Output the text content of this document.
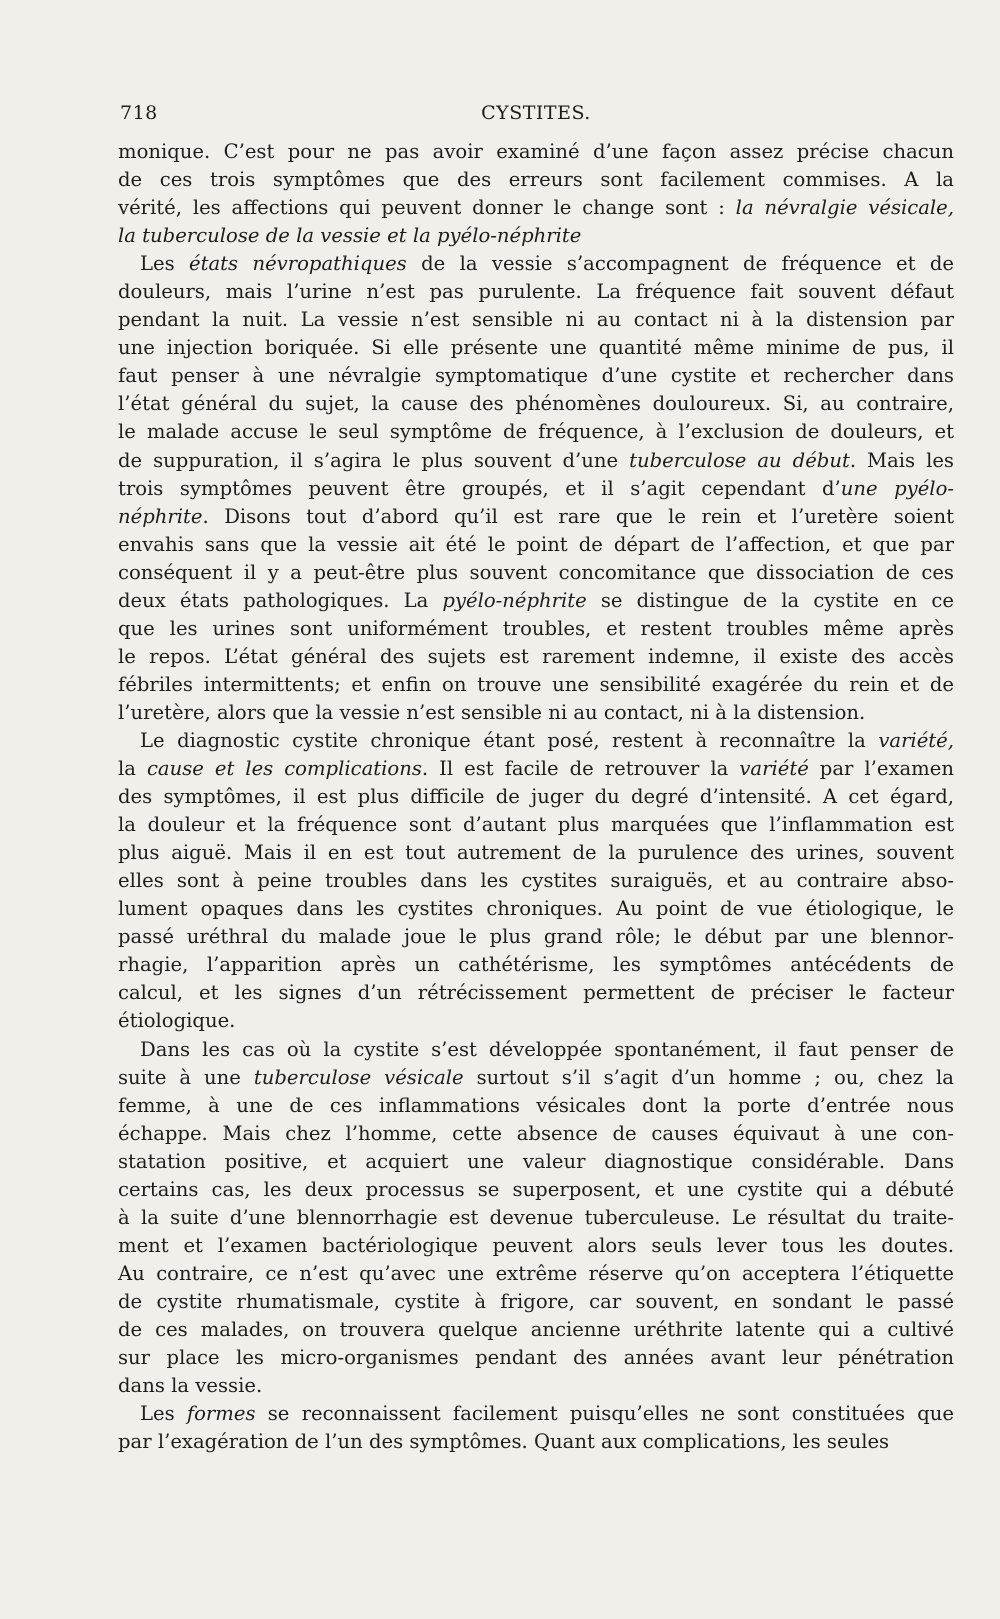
718	CYSTITES.
monique. C’est pour ne pas avoir examiné d’une façon assez précise chacun
de ces trois symptômes que des erreurs sont facilement commises. A la
vérité, les affections qui peuvent donner le change sont : la névralgie vésicale,
la tuberculose de la vessie et la pyélo-néphrite
Les états névropathiques de la vessie s’accompagnent de fréquence et de
douleurs, mais l’urine n’est pas purulente. La fréquence fait souvent défaut
pendant la nuit. La vessie n’est sensible ni au contact ni à la distension par
une injection boriquée. Si elle présente une quantité même minime de pus, il
faut penser à une névralgie symptomatique d’une cystite et rechercher dans
l’état général du sujet, la cause des phénomènes douloureux. Si, au contraire,
le malade accuse le seul symptôme de fréquence, à l’exclusion de douleurs, et
de suppuration, il s’agira le plus souvent d’une tuberculose au début. Mais les
trois symptômes peuvent être groupés, et il s’agit cependant d’une pyélo-
néphrite. Disons tout d’abord qu’il est rare que le rein et l’uretère soient
envahis sans que la vessie ait été le point de départ de l’affection, et que par
conséquent il y a peut-être plus souvent concomitance que dissociation de ces
deux états pathologiques. La pyélo-néphrite se distingue de la cystite en ce
que les urines sont uniformément troubles, et restent troubles même après
le repos. L’état général des sujets est rarement indemne, il existe des accès
fébriles intermittents; et enfin on trouve une sensibilité exagérée du rein et de
l’uretère, alors que la vessie n’est sensible ni au contact, ni à la distension.
Le diagnostic cystite chronique étant posé, restent à reconnaître la variété,
la cause et les complications. Il est facile de retrouver la variété par l’examen
des symptômes, il est plus difficile de juger du degré d’intensité. A cet égard,
la douleur et la fréquence sont d’autant plus marquées que l’inflammation est
plus aiguë. Mais il en est tout autrement de la purulence des urines, souvent
elles sont à peine troubles dans les cystites suraiguës, et au contraire abso-
lument opaques dans les cystites chroniques. Au point de vue étiologique, le
passé uréthral du malade joue le plus grand rôle; le début par une blennor-
rhagie, l’apparition après un cathétérisme, les symptômes antécédents de
calcul, et les signes d’un rétrécissement permettent de préciser le facteur
étiologique.
Dans les cas où la cystite s’est développée spontanément, il faut penser de
suite à une tuberculose vésicale surtout s’il s’agit d’un homme ; ou, chez la
femme, à une de ces inflammations vésicales dont la porte d’entrée nous
échappe. Mais chez l’homme, cette absence de causes équivaut à une con-
statation positive, et acquiert une valeur diagnostique considérable. Dans
certains cas, les deux processus se superposent, et une cystite qui a débuté
à la suite d’une blennorrhagie est devenue tuberculeuse. Le résultat du traite-
ment et l’examen bactériologique peuvent alors seuls lever tous les doutes.
Au contraire, ce n’est qu’avec une extrême réserve qu’on acceptera l’étiquette
de cystite rhumatismale, cystite à frigore, car souvent, en sondant le passé
de ces malades, on trouvera quelque ancienne uréthrite latente qui a cultivé
sur place les micro-organismes pendant des années avant leur pénétration
dans la vessie.
Les formes se reconnaissent facilement puisqu’elles ne sont constituées que
par l’exagération de l’un des symptômes. Quant aux complications, les seules
